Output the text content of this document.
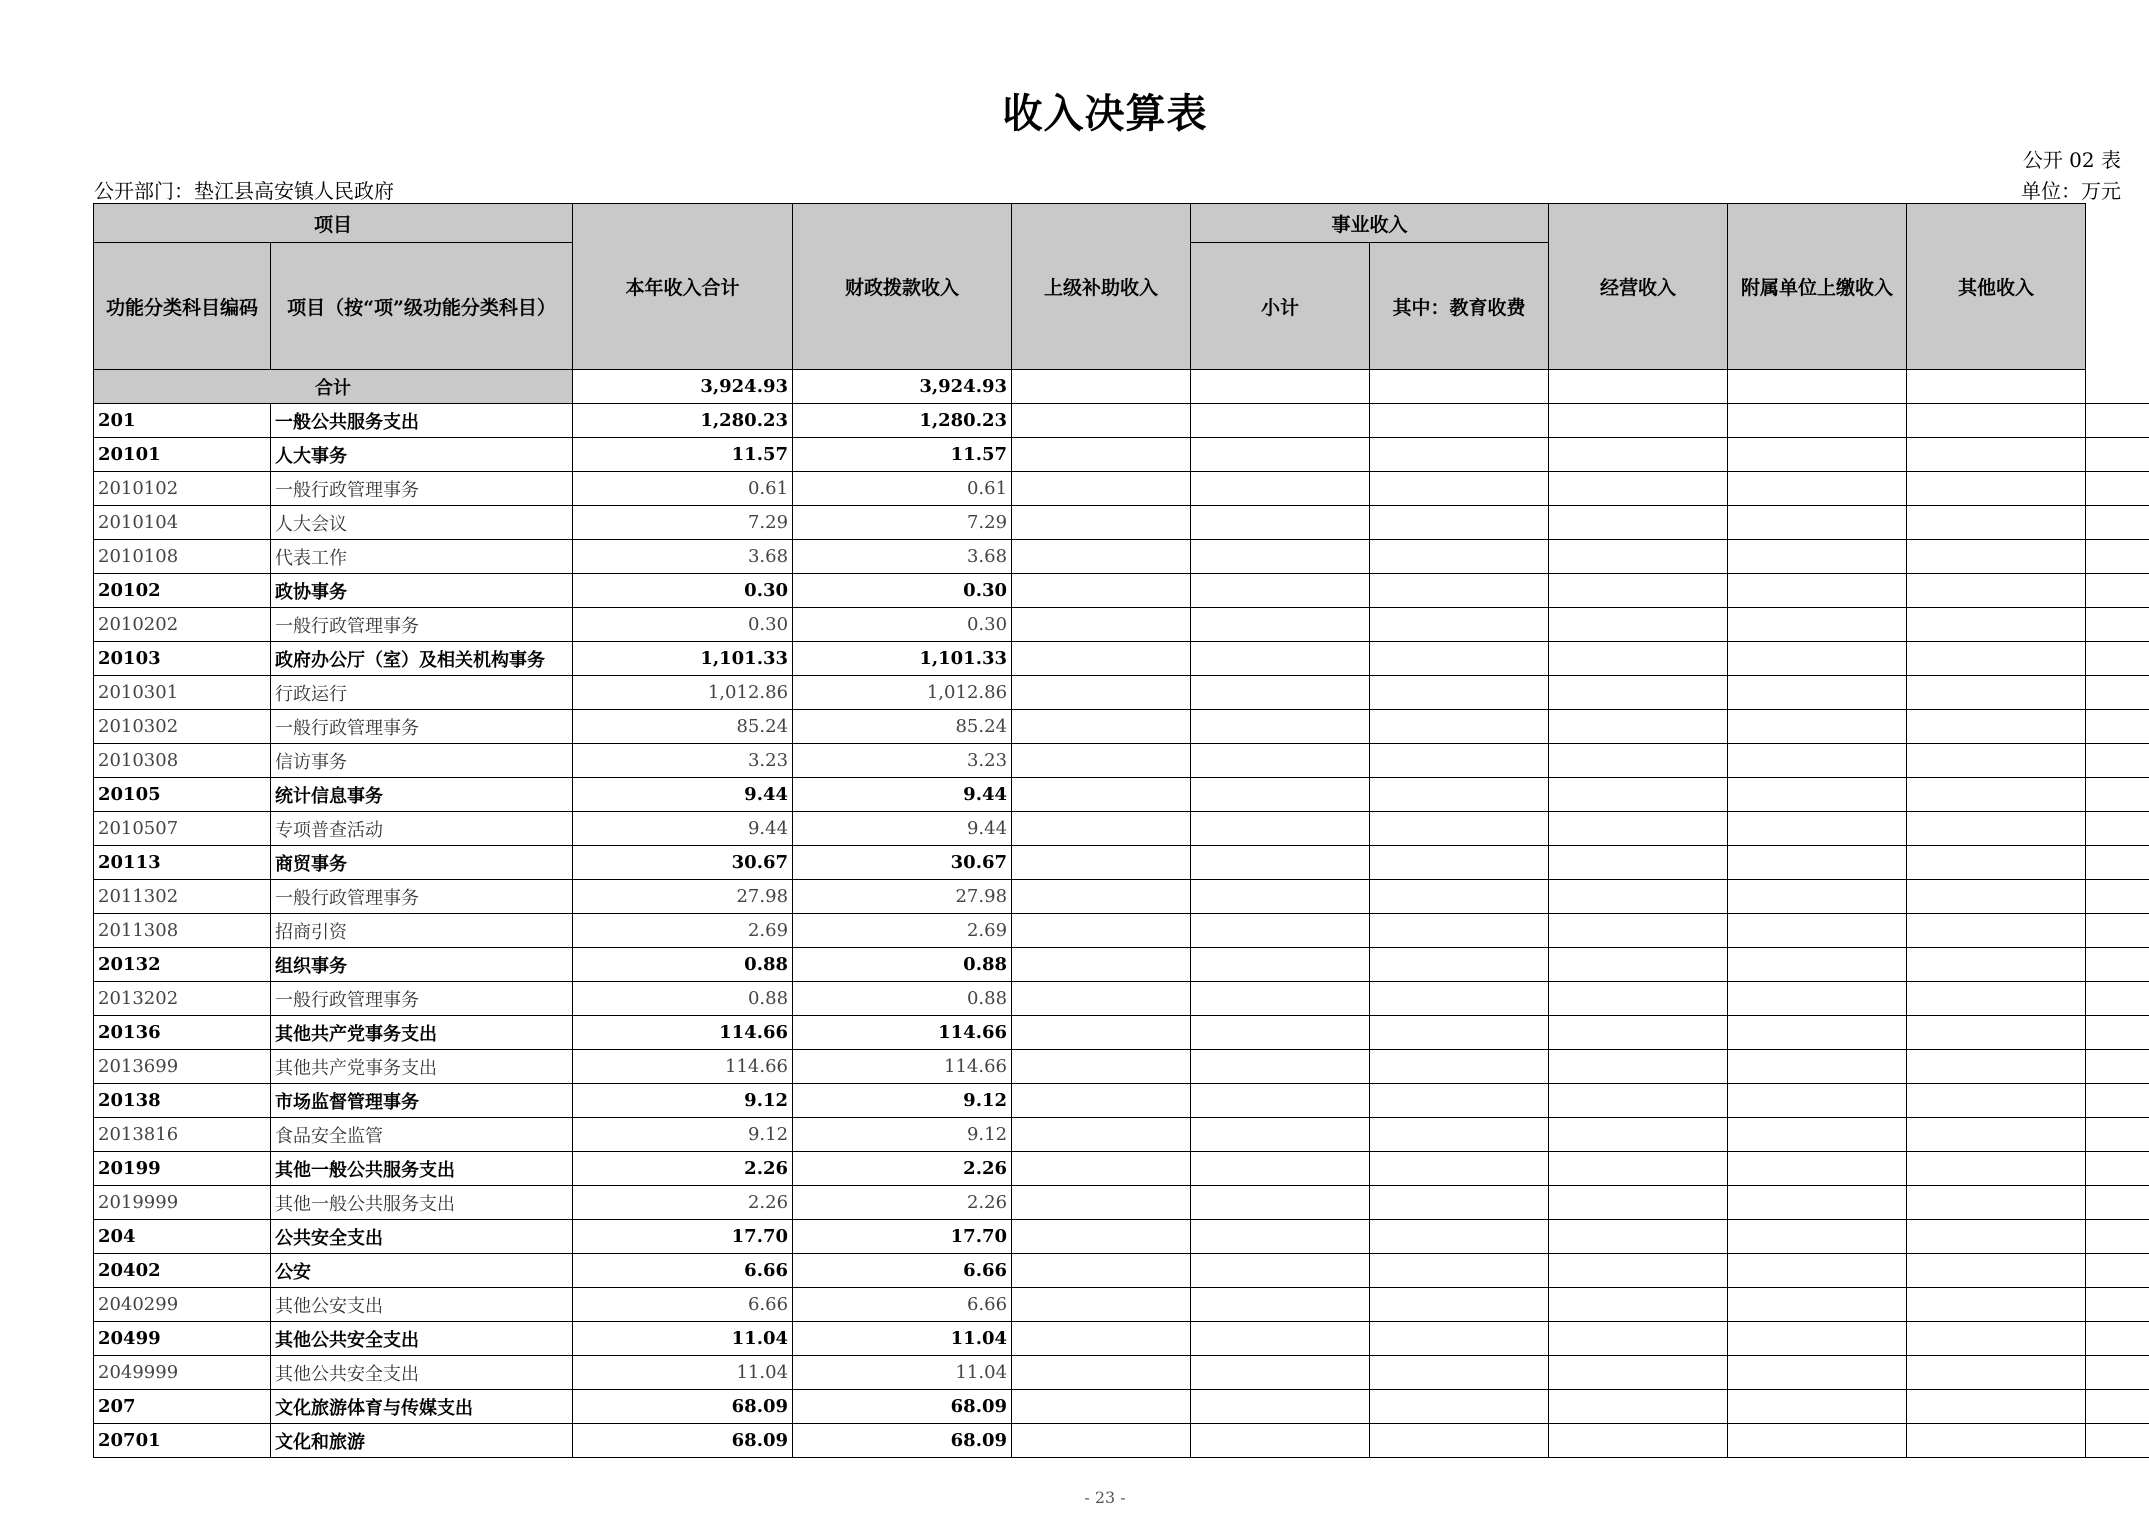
收入决算表
公开 02 表
公开部门：垫江县高安镇人民政府	单位：万元
项目		本年收入合计	财政拨款收入	上级补助收入	事业收入		经营收入	附属单位上缴收入	其他收入	
功能分类科目编码	项目（按“项”级功能分类科目）				小计	其中：教育收费				
合计		3,924.93	3,924.93							
201	一般公共服务支出	1,280.23	1,280.23							
20101	人大事务	11.57	11.57							
2010102	一般行政管理事务	0.61	0.61							
2010104	人大会议	7.29	7.29							
2010108	代表工作	3.68	3.68							
20102	政协事务	0.30	0.30							
2010202	一般行政管理事务	0.30	0.30							
20103	政府办公厅（室）及相关机构事务	1,101.33	1,101.33							
2010301	行政运行	1,012.86	1,012.86							
2010302	一般行政管理事务	85.24	85.24							
2010308	信访事务	3.23	3.23							
20105	统计信息事务	9.44	9.44							
2010507	专项普查活动	9.44	9.44							
20113	商贸事务	30.67	30.67							
2011302	一般行政管理事务	27.98	27.98							
2011308	招商引资	2.69	2.69							
20132	组织事务	0.88	0.88							
2013202	一般行政管理事务	0.88	0.88							
20136	其他共产党事务支出	114.66	114.66							
2013699	其他共产党事务支出	114.66	114.66							
20138	市场监督管理事务	9.12	9.12							
2013816	食品安全监管	9.12	9.12							
20199	其他一般公共服务支出	2.26	2.26							
2019999	其他一般公共服务支出	2.26	2.26							
204	公共安全支出	17.70	17.70							
20402	公安	6.66	6.66							
2040299	其他公安支出	6.66	6.66							
20499	其他公共安全支出	11.04	11.04							
2049999	其他公共安全支出	11.04	11.04							
207	文化旅游体育与传媒支出	68.09	68.09							
20701	文化和旅游	68.09	68.09							
- 23 -
